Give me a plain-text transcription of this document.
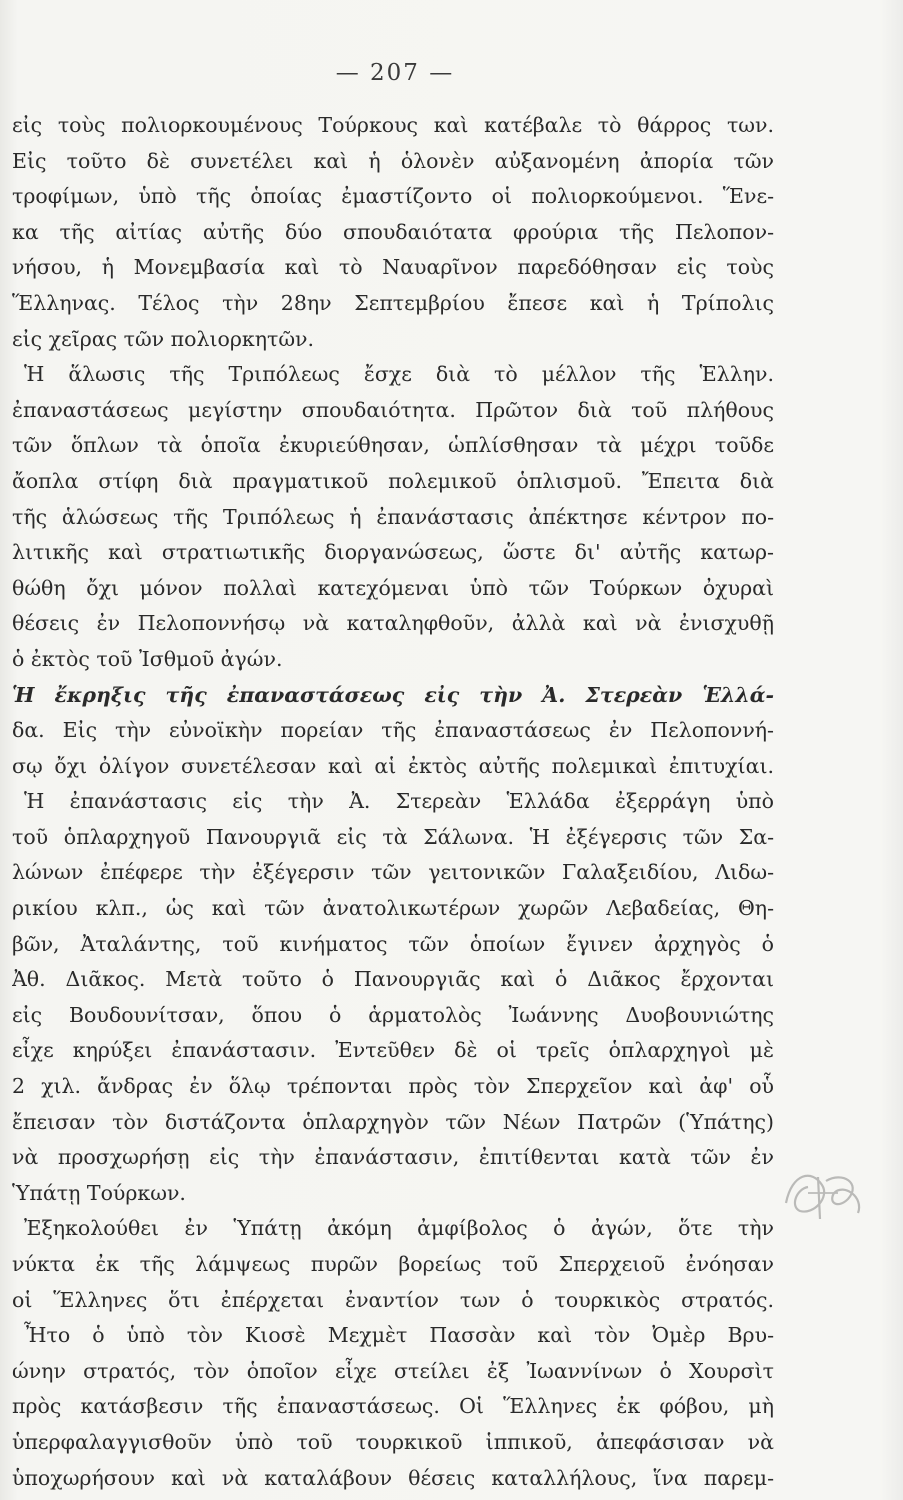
— 207 —
εἰς τοὺς πολιορκουμένους Τούρκους καὶ κατέβαλε τὸ θάρρος των.
Εἰς τοῦτο δὲ συνετέλει καὶ ἡ ὁλονὲν αὐξανομένη ἀπορία τῶν
τροφίμων, ὑπὸ τῆς ὁποίας ἐμαστίζοντο οἱ πολιορκούμενοι. Ἕνε-
κα τῆς αἰτίας αὐτῆς δύο σπουδαιότατα φρούρια τῆς Πελοπον-
νήσου, ἡ Μονεμβασία καὶ τὸ Ναυαρῖνον παρεδόθησαν εἰς τοὺς
Ἕλληνας. Τέλος τὴν 28ην Σεπτεμβρίου ἔπεσε καὶ ἡ Τρίπολις
εἰς χεῖρας τῶν πολιορκητῶν.
Ἡ ἅλωσις τῆς Τριπόλεως ἔσχε διὰ τὸ μέλλον τῆς Ἑλλην.
ἐπαναστάσεως μεγίστην σπουδαιότητα. Πρῶτον διὰ τοῦ πλήθους
τῶν ὅπλων τὰ ὁποῖα ἐκυριεύθησαν, ὡπλίσθησαν τὰ μέχρι τοῦδε
ἄοπλα στίφη διὰ πραγματικοῦ πολεμικοῦ ὁπλισμοῦ. Ἔπειτα διὰ
τῆς ἁλώσεως τῆς Τριπόλεως ἡ ἐπανάστασις ἀπέκτησε κέντρον πο-
λιτικῆς καὶ στρατιωτικῆς διοργανώσεως, ὥστε δι' αὐτῆς κατωρ-
θώθη ὄχι μόνον πολλαὶ κατεχόμεναι ὑπὸ τῶν Τούρκων ὀχυραὶ
θέσεις ἐν Πελοποννήσῳ νὰ καταληφθοῦν, ἀλλὰ καὶ νὰ ἐνισχυθῇ
ὁ ἐκτὸς τοῦ Ἰσθμοῦ ἀγών.
Ἡ ἔκρηξις τῆς ἐπαναστάσεως εἰς τὴν Ἀ. Στερεὰν Ἑλλά-
δα. Εἰς τὴν εὐνοϊκὴν πορείαν τῆς ἐπαναστάσεως ἐν Πελοποννή-
σῳ ὄχι ὀλίγον συνετέλεσαν καὶ αἱ ἐκτὸς αὐτῆς πολεμικαὶ ἐπιτυχίαι.
Ἡ ἐπανάστασις εἰς τὴν Ἀ. Στερεὰν Ἑλλάδα ἐξερράγη ὑπὸ
τοῦ ὁπλαρχηγοῦ Πανουργιᾶ εἰς τὰ Σάλωνα. Ἡ ἐξέγερσις τῶν Σα-
λώνων ἐπέφερε τὴν ἐξέγερσιν τῶν γειτονικῶν Γαλαξειδίου, Λιδω-
ρικίου κλπ., ὡς καὶ τῶν ἀνατολικωτέρων χωρῶν Λεβαδείας, Θη-
βῶν, Ἀταλάντης, τοῦ κινήματος τῶν ὁποίων ἔγινεν ἀρχηγὸς ὁ
Ἀθ. Διᾶκος. Μετὰ τοῦτο ὁ Πανουργιᾶς καὶ ὁ Διᾶκος ἔρχονται
εἰς Βουδουνίτσαν, ὅπου ὁ ἁρματολὸς Ἰωάννης Δυοβουνιώτης
εἶχε κηρύξει ἐπανάστασιν. Ἐντεῦθεν δὲ οἱ τρεῖς ὁπλαρχηγοὶ μὲ
2 χιλ. ἄνδρας ἐν ὅλῳ τρέπονται πρὸς τὸν Σπερχεῖον καὶ ἀφ' οὗ
ἔπεισαν τὸν διστάζοντα ὁπλαρχηγὸν τῶν Νέων Πατρῶν (Ὑπάτης)
νὰ προσχωρήσῃ εἰς τὴν ἐπανάστασιν, ἐπιτίθενται κατὰ τῶν ἐν
Ὑπάτῃ Τούρκων.
Ἐξηκολούθει ἐν Ὑπάτῃ ἀκόμη ἀμφίβολος ὁ ἀγών, ὅτε τὴν
νύκτα ἐκ τῆς λάμψεως πυρῶν βορείως τοῦ Σπερχειοῦ ἐνόησαν
οἱ Ἕλληνες ὅτι ἐπέρχεται ἐναντίον των ὁ τουρκικὸς στρατός.
Ἦτο ὁ ὑπὸ τὸν Κιοσὲ Μεχμὲτ Πασσὰν καὶ τὸν Ὀμὲρ Βρυ-
ώνην στρατός, τὸν ὁποῖον εἶχε στείλει ἐξ Ἰωαννίνων ὁ Χουρσὶτ
πρὸς κατάσβεσιν τῆς ἐπαναστάσεως. Οἱ Ἕλληνες ἐκ φόβου, μὴ
ὑπερφαλαγγισθοῦν ὑπὸ τοῦ τουρκικοῦ ἱππικοῦ, ἀπεφάσισαν νὰ
ὑποχωρήσουν καὶ νὰ καταλάβουν θέσεις καταλλήλους, ἵνα παρεμ-
